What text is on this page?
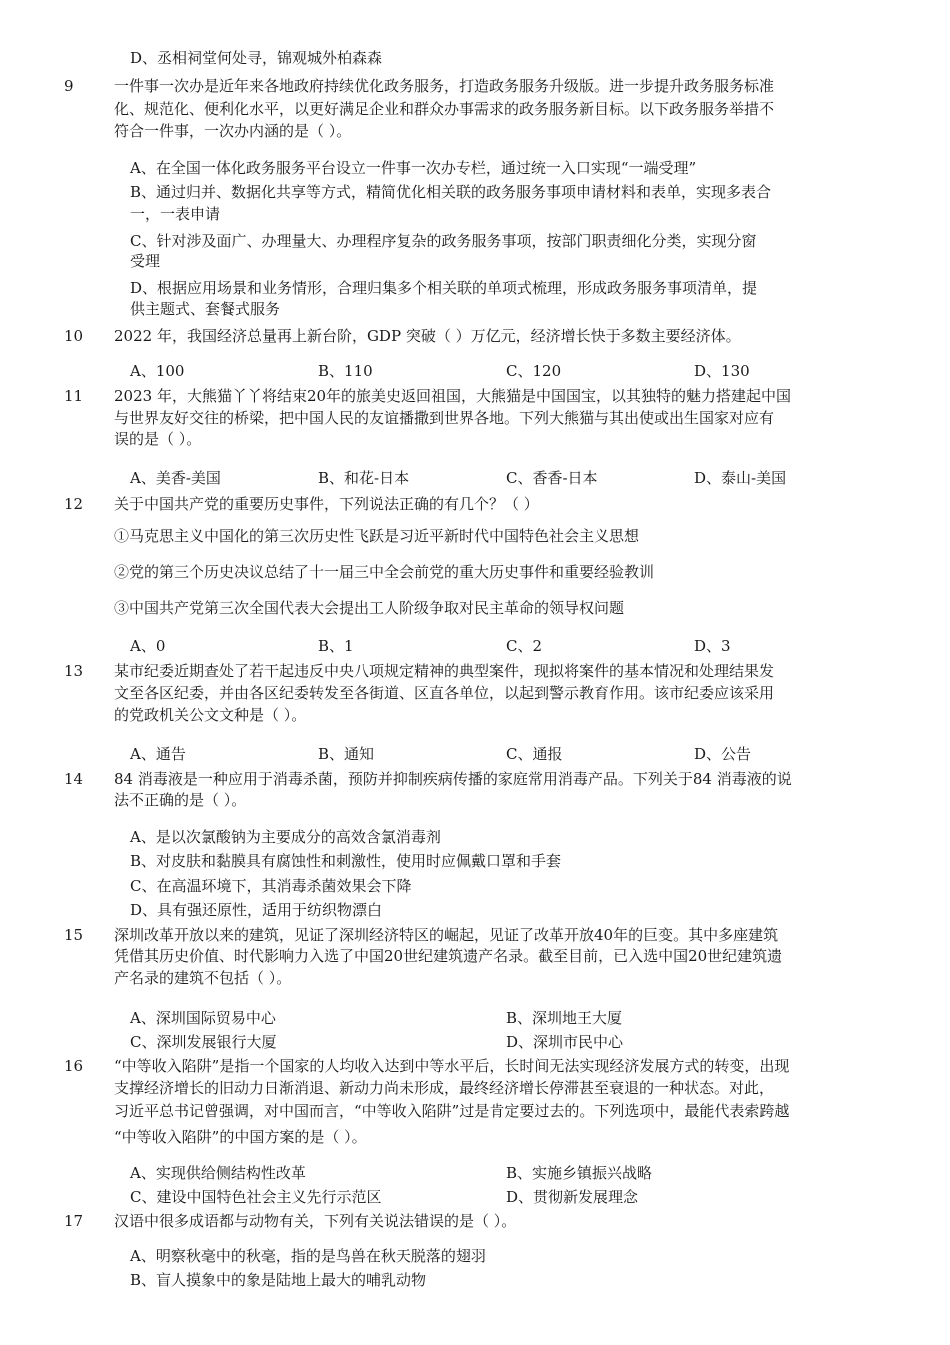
D、丞相祠堂何处寻，锦观城外柏森森
9	一件事一次办是近年来各地政府持续优化政务服务，打造政务服务升级版。进一步提升政务服务标准
化、规范化、便利化水平，以更好满足企业和群众办事需求的政务服务新目标。以下政务服务举措不
符合一件事，一次办内涵的是（ ）。
A、在全国一体化政务服务平台设立一件事一次办专栏，通过统一入口实现“一端受理”
B、通过归并、数据化共享等方式，精简优化相关联的政务服务事项申请材料和表单，实现多表合
一，一表申请
C、针对涉及面广、办理量大、办理程序复杂的政务服务事项，按部门职责细化分类，实现分窗
受理
D、根据应用场景和业务情形，合理归集多个相关联的单项式梳理，形成政务服务事项清单，提
供主题式、套餐式服务
10 2022 年，我国经济总量再上新台阶，GDP 突破（ ）万亿元，经济增长快于多数主要经济体。
A、100	B、110	C、120	D、130
11 2023 年，大熊猫丫丫将结束20年的旅美史返回祖国，大熊猫是中国国宝，以其独特的魅力搭建起中国
与世界友好交往的桥梁，把中国人民的友谊播撒到世界各地。下列大熊猫与其出使或出生国家对应有
误的是（ ）。
A、美香-美国	B、和花-日本	C、香香-日本	D、泰山-美国
12 关于中国共产党的重要历史事件，下列说法正确的有几个？（ ）
①马克思主义中国化的第三次历史性飞跃是习近平新时代中国特色社会主义思想
②党的第三个历史决议总结了十一届三中全会前党的重大历史事件和重要经验教训
③中国共产党第三次全国代表大会提出工人阶级争取对民主革命的领导权问题
A、0	B、1	C、2	D、3
13 某市纪委近期查处了若干起违反中央八项规定精神的典型案件，现拟将案件的基本情况和处理结果发
文至各区纪委，并由各区纪委转发至各街道、区直各单位，以起到警示教育作用。该市纪委应该采用
的党政机关公文文种是（ ）。
A、通告	B、通知	C、通报	D、公告
14 84 消毒液是一种应用于消毒杀菌，预防并抑制疾病传播的家庭常用消毒产品。下列关于84 消毒液的说
法不正确的是（ ）。
A、是以次氯酸钠为主要成分的高效含氯消毒剂
B、对皮肤和黏膜具有腐蚀性和刺激性，使用时应佩戴口罩和手套
C、在高温环境下，其消毒杀菌效果会下降
D、具有强还原性，适用于纺织物漂白
15 深圳改革开放以来的建筑，见证了深圳经济特区的崛起，见证了改革开放40年的巨变。其中多座建筑
凭借其历史价值、时代影响力入选了中国20世纪建筑遗产名录。截至目前，已入选中国20世纪建筑遗
产名录的建筑不包括（ ）。
A、深圳国际贸易中心	B、深圳地王大厦
C、深圳发展银行大厦	D、深圳市民中心
16 “中等收入陷阱”是指一个国家的人均收入达到中等水平后，长时间无法实现经济发展方式的转变，出现
支撑经济增长的旧动力日渐消退、新动力尚未形成，最终经济增长停滞甚至衰退的一种状态。对此，
习近平总书记曾强调，对中国而言，“中等收入陷阱”过是肯定要过去的。下列选项中，最能代表索跨越
“中等收入陷阱”的中国方案的是（ ）。
A、实现供给侧结构性改革	B、实施乡镇振兴战略
C、建设中国特色社会主义先行示范区	D、贯彻新发展理念
17 汉语中很多成语都与动物有关，下列有关说法错误的是（ ）。
A、明察秋毫中的秋毫，指的是鸟兽在秋天脱落的翅羽
B、盲人摸象中的象是陆地上最大的哺乳动物
